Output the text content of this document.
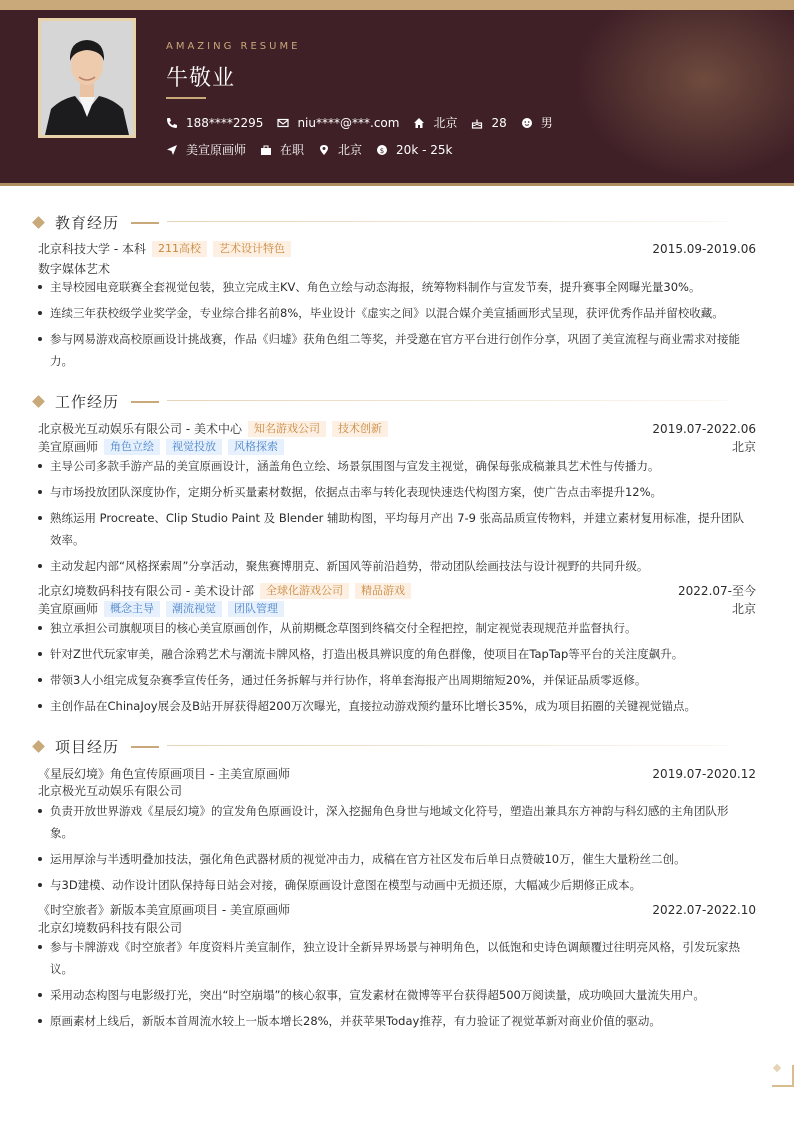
AMAZING RESUME
牛敬业
188****2295	niu****@***.com	北京	28	男
美宣原画师	在职	北京	$ 20k - 25k
教育经历
北京科技大学 - 本科	211高校	艺术设计特色	2015.09-2019.06
数字媒体艺术
主导校园电竞联赛全套视觉包装，独立完成主KV、角色立绘与动态海报，统筹物料制作与宣发节奏，提升赛事全网曝光量30%。
连续三年获校级学业奖学金，专业综合排名前8%，毕业设计《虚实之间》以混合媒介美宣插画形式呈现，获评优秀作品并留校收藏。
参与网易游戏高校原画设计挑战赛，作品《归墟》获角色组二等奖，并受邀在官方平台进行创作分享，巩固了美宣流程与商业需求对接能力。
工作经历
北京极光互动娱乐有限公司 - 美术中心	知名游戏公司	技术创新	2019.07-2022.06
美宣原画师	角色立绘	视觉投放	风格探索	北京
主导公司多款手游产品的美宣原画设计，涵盖角色立绘、场景氛围图与宣发主视觉，确保每张成稿兼具艺术性与传播力。
与市场投放团队深度协作，定期分析买量素材数据，依据点击率与转化表现快速迭代构图方案，使广告点击率提升12%。
熟练运用 Procreate、Clip Studio Paint 及 Blender 辅助构图，平均每月产出 7-9 张高品质宣传物料，并建立素材复用标准，提升团队效率。
主动发起内部“风格探索周”分享活动，聚焦赛博朋克、新国风等前沿趋势，带动团队绘画技法与设计视野的共同升级。
北京幻境数码科技有限公司 - 美术设计部	全球化游戏公司	精品游戏	2022.07-至今
美宣原画师	概念主导	潮流视觉	团队管理	北京
独立承担公司旗舰项目的核心美宣原画创作，从前期概念草图到终稿交付全程把控，制定视觉表现规范并监督执行。
针对Z世代玩家审美，融合涂鸦艺术与潮流卡牌风格，打造出极具辨识度的角色群像，使项目在TapTap等平台的关注度飙升。
带领3人小组完成复杂赛季宣传任务，通过任务拆解与并行协作，将单套海报产出周期缩短20%，并保证品质零返修。
主创作品在ChinaJoy展会及B站开屏获得超200万次曝光，直接拉动游戏预约量环比增长35%，成为项目拓圈的关键视觉锚点。
项目经历
《星辰幻境》角色宣传原画项目 - 主美宣原画师	2019.07-2020.12
北京极光互动娱乐有限公司
负责开放世界游戏《星辰幻境》的宣发角色原画设计，深入挖掘角色身世与地域文化符号，塑造出兼具东方神韵与科幻感的主角团队形象。
运用厚涂与半透明叠加技法，强化角色武器材质的视觉冲击力，成稿在官方社区发布后单日点赞破10万，催生大量粉丝二创。
与3D建模、动作设计团队保持每日站会对接，确保原画设计意图在模型与动画中无损还原，大幅减少后期修正成本。
《时空旅者》新版本美宣原画项目 - 美宣原画师	2022.07-2022.10
北京幻境数码科技有限公司
参与卡牌游戏《时空旅者》年度资料片美宣制作，独立设计全新异界场景与神明角色，以低饱和史诗色调颠覆过往明亮风格，引发玩家热议。
采用动态构图与电影级打光，突出“时空崩塌”的核心叙事，宣发素材在微博等平台获得超500万阅读量，成功唤回大量流失用户。
原画素材上线后，新版本首周流水较上一版本增长28%，并获苹果Today推荐，有力验证了视觉革新对商业价值的驱动。
